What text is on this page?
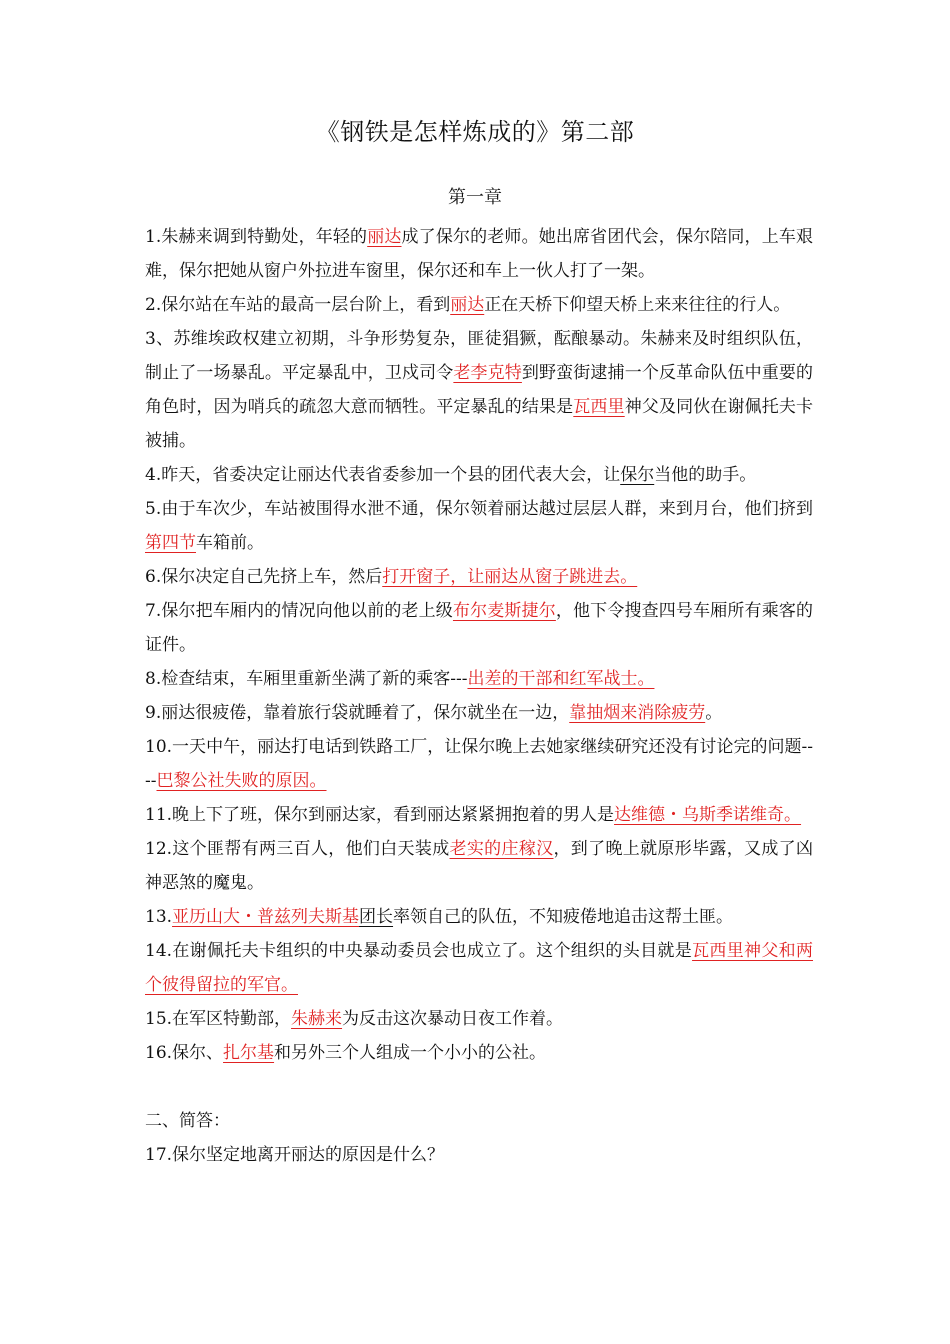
《钢铁是怎样炼成的》第二部
第一章

1.朱赫来调到特勤处，年轻的丽达成了保尔的老师。她出席省团代会，保尔陪同，上车艰难，保尔把她从窗户外拉进车窗里，保尔还和车上一伙人打了一架。

2.保尔站在车站的最高一层台阶上，看到丽达正在天桥下仰望天桥上来来往往的行人。

3、苏维埃政权建立初期，斗争形势复杂，匪徒猖獗，酝酿暴动。朱赫来及时组织队伍，制止了一场暴乱。平定暴乱中，卫戍司令老李克特到野蛮街逮捕一个反革命队伍中重要的角色时，因为哨兵的疏忽大意而牺牲。平定暴乱的结果是瓦西里神父及同伙在谢佩托夫卡被捕。

4.昨天，省委决定让丽达代表省委参加一个县的团代表大会，让保尔当他的助手。

5.由于车次少，车站被围得水泄不通，保尔领着丽达越过层层人群，来到月台，他们挤到第四节车箱前。

6.保尔决定自己先挤上车，然后打开窗子，让丽达从窗子跳进去。

7.保尔把车厢内的情况向他以前的老上级布尔麦斯捷尔，他下令搜查四号车厢所有乘客的证件。

8.检查结束，车厢里重新坐满了新的乘客---出差的干部和红军战士。

9.丽达很疲倦，靠着旅行袋就睡着了，保尔就坐在一边，靠抽烟来消除疲劳。

10.一天中午，丽达打电话到铁路工厂，让保尔晚上去她家继续研究还没有讨论完的问题----巴黎公社失败的原因。

11.晚上下了班，保尔到丽达家，看到丽达紧紧拥抱着的男人是达维德・乌斯季诺维奇。

12.这个匪帮有两三百人，他们白天装成老实的庄稼汉，到了晚上就原形毕露，又成了凶神恶煞的魔鬼。

13.亚历山大・普兹列夫斯基团长率领自己的队伍，不知疲倦地追击这帮土匪。

14.在谢佩托夫卡组织的中央暴动委员会也成立了。这个组织的头目就是瓦西里神父和两个彼得留拉的军官。

15.在军区特勤部，朱赫来为反击这次暴动日夜工作着。

16.保尔、扎尔基和另外三个人组成一个小小的公社。

二、简答：

17.保尔坚定地离开丽达的原因是什么？
